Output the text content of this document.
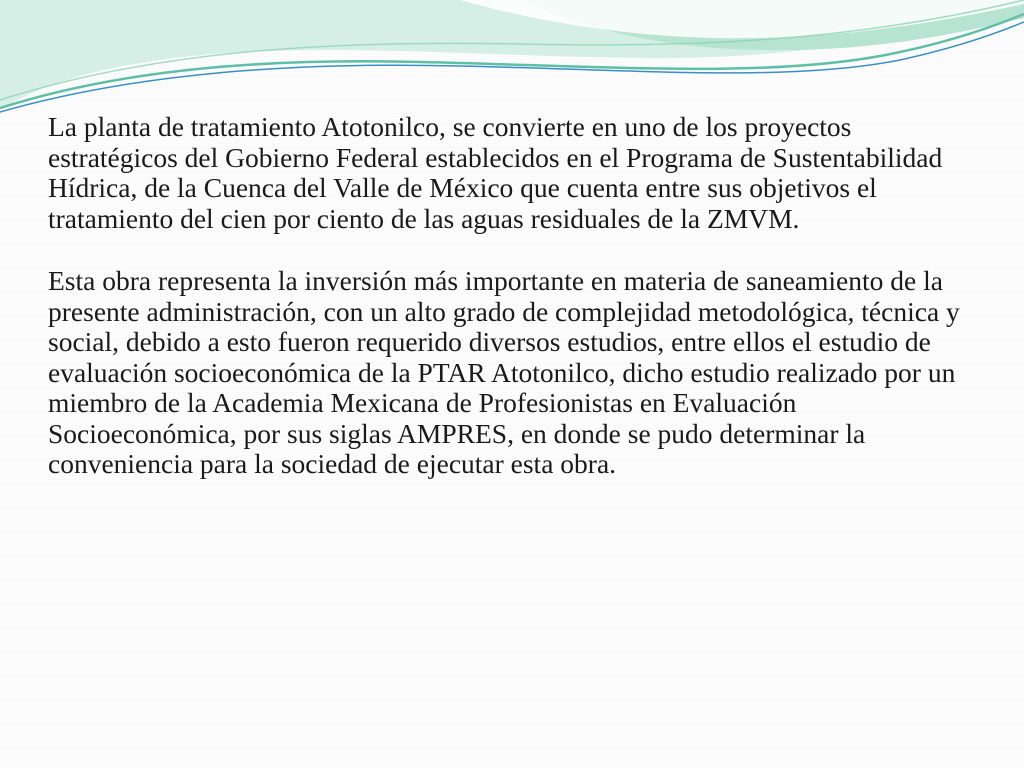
La planta de tratamiento Atotonilco, se convierte en uno de los proyectos estratégicos del Gobierno Federal establecidos en el Programa de Sustentabilidad Hídrica, de la Cuenca del Valle de México que cuenta entre sus objetivos el tratamiento del cien por ciento de las aguas residuales de la ZMVM.

Esta obra representa la inversión más importante en materia de saneamiento de la presente administración, con un alto grado de complejidad metodológica, técnica y social, debido a esto fueron requerido diversos estudios, entre ellos el estudio de evaluación socioeconómica de la PTAR Atotonilco, dicho estudio realizado por un miembro de la Academia Mexicana de Profesionistas en Evaluación Socioeconómica, por sus siglas AMPRES, en donde se pudo determinar la conveniencia para la sociedad de ejecutar esta obra.
